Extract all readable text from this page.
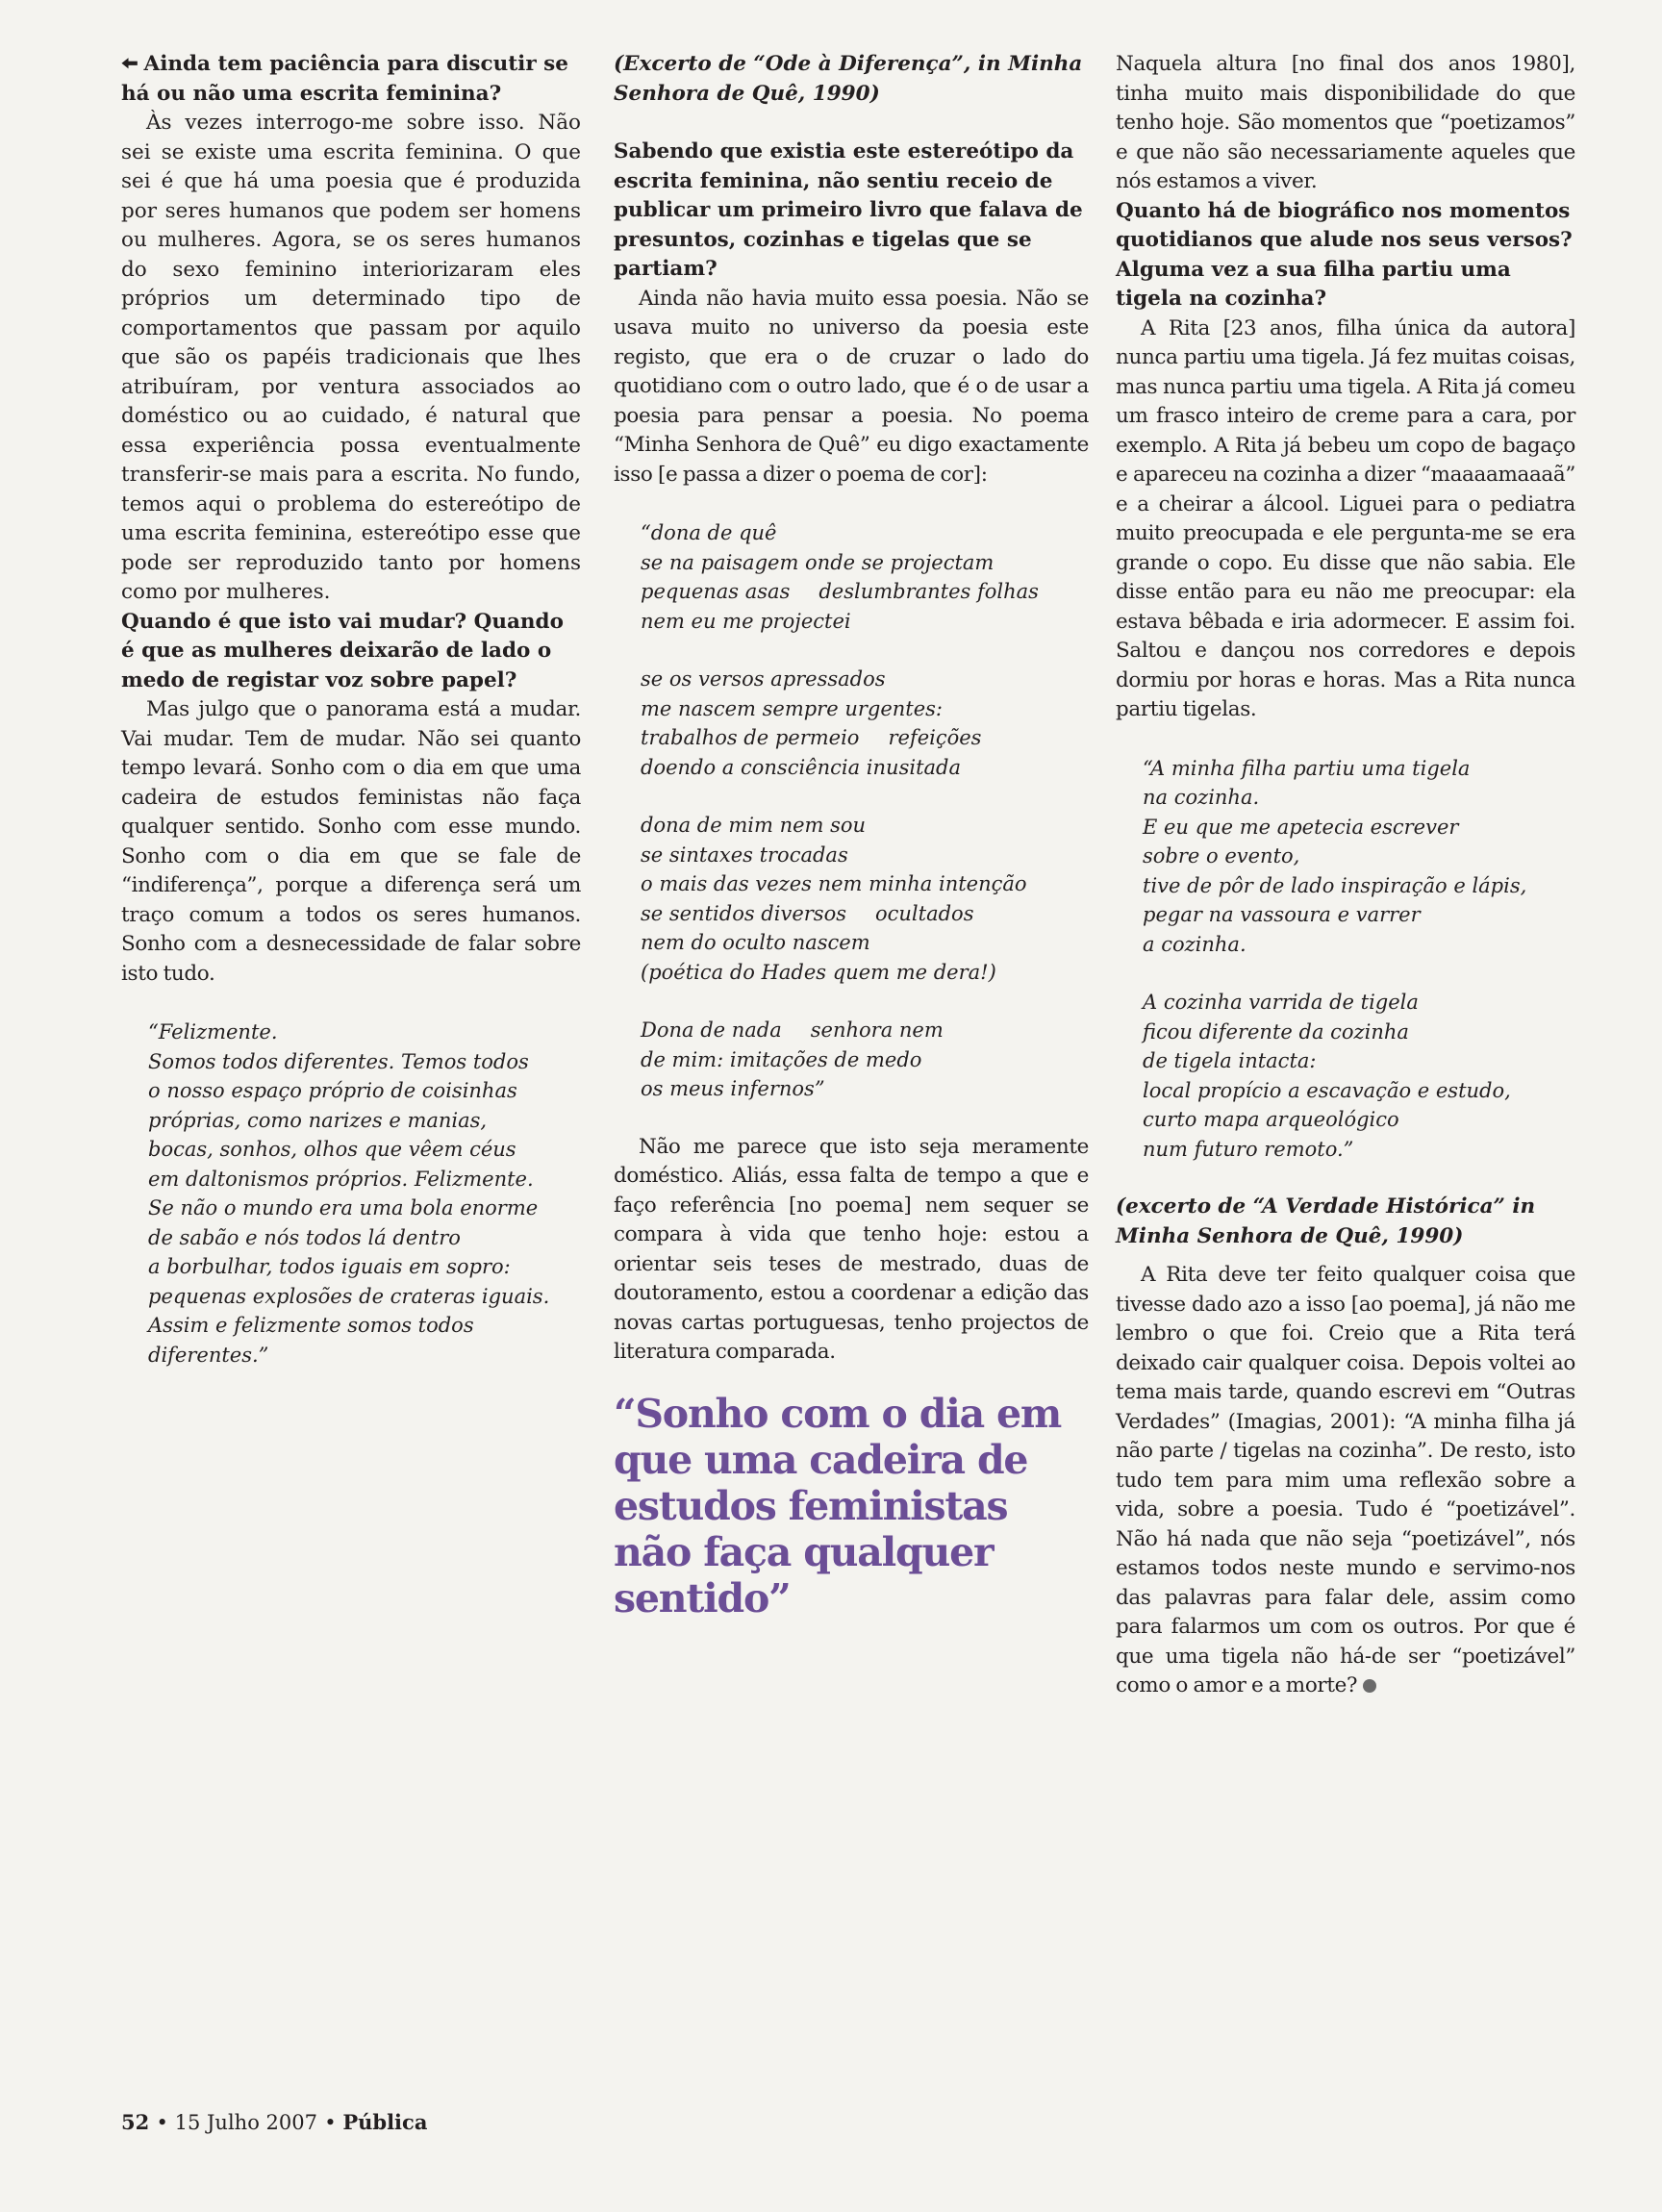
🠨 Ainda tem paciência para discutir se há ou não uma escrita feminina?

Às vezes interrogo-me sobre isso. Não sei se existe uma escrita feminina. O que sei é que há uma poesia que é produzida por seres humanos que podem ser homens ou mulheres. Agora, se os seres humanos do sexo feminino interiorizaram eles próprios um determinado tipo de comportamentos que passam por aquilo que são os papéis tradicionais que lhes atribuíram, por ventura associados ao doméstico ou ao cuidado, é natural que essa experiência possa eventualmente transferir-se mais para a escrita. No fundo, temos aqui o problema do estereótipo de uma escrita feminina, estereótipo esse que pode ser reproduzido tanto por homens como por mulheres.

Quando é que isto vai mudar? Quando é que as mulheres deixarão de lado o medo de registar voz sobre papel?

Mas julgo que o panorama está a mudar. Vai mudar. Tem de mudar. Não sei quanto tempo levará. Sonho com o dia em que uma cadeira de estudos feministas não faça qualquer sentido. Sonho com esse mundo. Sonho com o dia em que se fale de “indiferença”, porque a diferença será um traço comum a todos os seres humanos. Sonho com a desnecessidade de falar sobre isto tudo.

“Felizmente.

Somos todos diferentes. Temos todos

o nosso espaço próprio de coisinhas

próprias, como narizes e manias,

bocas, sonhos, olhos que vêem céus

em daltonismos próprios. Felizmente.

Se não o mundo era uma bola enorme

de sabão e nós todos lá dentro

a borbulhar, todos iguais em sopro:

pequenas explosões de crateras iguais.

Assim e felizmente somos todos

diferentes.”

(Excerto de “Ode à Diferença”, in Minha Senhora de Quê, 1990)

Sabendo que existia este estereótipo da escrita feminina, não sentiu receio de publicar um primeiro livro que falava de presuntos, cozinhas e tigelas que se partiam?

Ainda não havia muito essa poesia. Não se usava muito no universo da poesia este registo, que era o de cruzar o lado do quotidiano com o outro lado, que é o de usar a poesia para pensar a poesia. No poema “Minha Senhora de Quê” eu digo exactamente isso [e passa a dizer o poema de cor]:

“dona de quê

se na paisagem onde se projectam

pequenas asas deslumbrantes folhas

nem eu me projectei

se os versos apressados

me nascem sempre urgentes:

trabalhos de permeio refeições

doendo a consciência inusitada

dona de mim nem sou

se sintaxes trocadas

o mais das vezes nem minha intenção

se sentidos diversos ocultados

nem do oculto nascem

(poética do Hades quem me dera!)

Dona de nada senhora nem

de mim: imitações de medo

os meus infernos”

Não me parece que isto seja meramente doméstico. Aliás, essa falta de tempo a que e faço referência [no poema] nem sequer se compara à vida que tenho hoje: estou a orientar seis teses de mestrado, duas de doutoramento, estou a coordenar a edição das novas cartas portuguesas, tenho projectos de literatura comparada.

“Sonho com o dia em que uma cadeira de estudos feministas não faça qualquer sentido”

Naquela altura [no final dos anos 1980], tinha muito mais disponibilidade do que tenho hoje. São momentos que “poetizamos” e que não são necessariamente aqueles que nós estamos a viver.

Quanto há de biográfico nos momentos quotidianos que alude nos seus versos? Alguma vez a sua filha partiu uma tigela na cozinha?

A Rita [23 anos, filha única da autora] nunca partiu uma tigela. Já fez muitas coisas, mas nunca partiu uma tigela. A Rita já comeu um frasco inteiro de creme para a cara, por exemplo. A Rita já bebeu um copo de bagaço e apareceu na cozinha a dizer “maaaamaaaã” e a cheirar a álcool. Liguei para o pediatra muito preocupada e ele pergunta-me se era grande o copo. Eu disse que não sabia. Ele disse então para eu não me preocupar: ela estava bêbada e iria adormecer. E assim foi. Saltou e dançou nos corredores e depois dormiu por horas e horas. Mas a Rita nunca partiu tigelas.

“A minha filha partiu uma tigela

na cozinha.

E eu que me apetecia escrever

sobre o evento,

tive de pôr de lado inspiração e lápis,

pegar na vassoura e varrer

a cozinha.

A cozinha varrida de tigela

ficou diferente da cozinha

de tigela intacta:

local propício a escavação e estudo,

curto mapa arqueológico

num futuro remoto.”

(excerto de “A Verdade Histórica” in Minha Senhora de Quê, 1990)

A Rita deve ter feito qualquer coisa que tivesse dado azo a isso [ao poema], já não me lembro o que foi. Creio que a Rita terá deixado cair qualquer coisa. Depois voltei ao tema mais tarde, quando escrevi em “Outras Verdades” (Imagias, 2001): “A minha filha já não parte / tigelas na cozinha”. De resto, isto tudo tem para mim uma reflexão sobre a vida, sobre a poesia. Tudo é “poetizável”. Não há nada que não seja “poetizável”, nós estamos todos neste mundo e servimo-nos das palavras para falar dele, assim como para falarmos um com os outros. Por que é que uma tigela não há-de ser “poetizável” como o amor e a morte?

52 • 15 Julho 2007 • Pública
